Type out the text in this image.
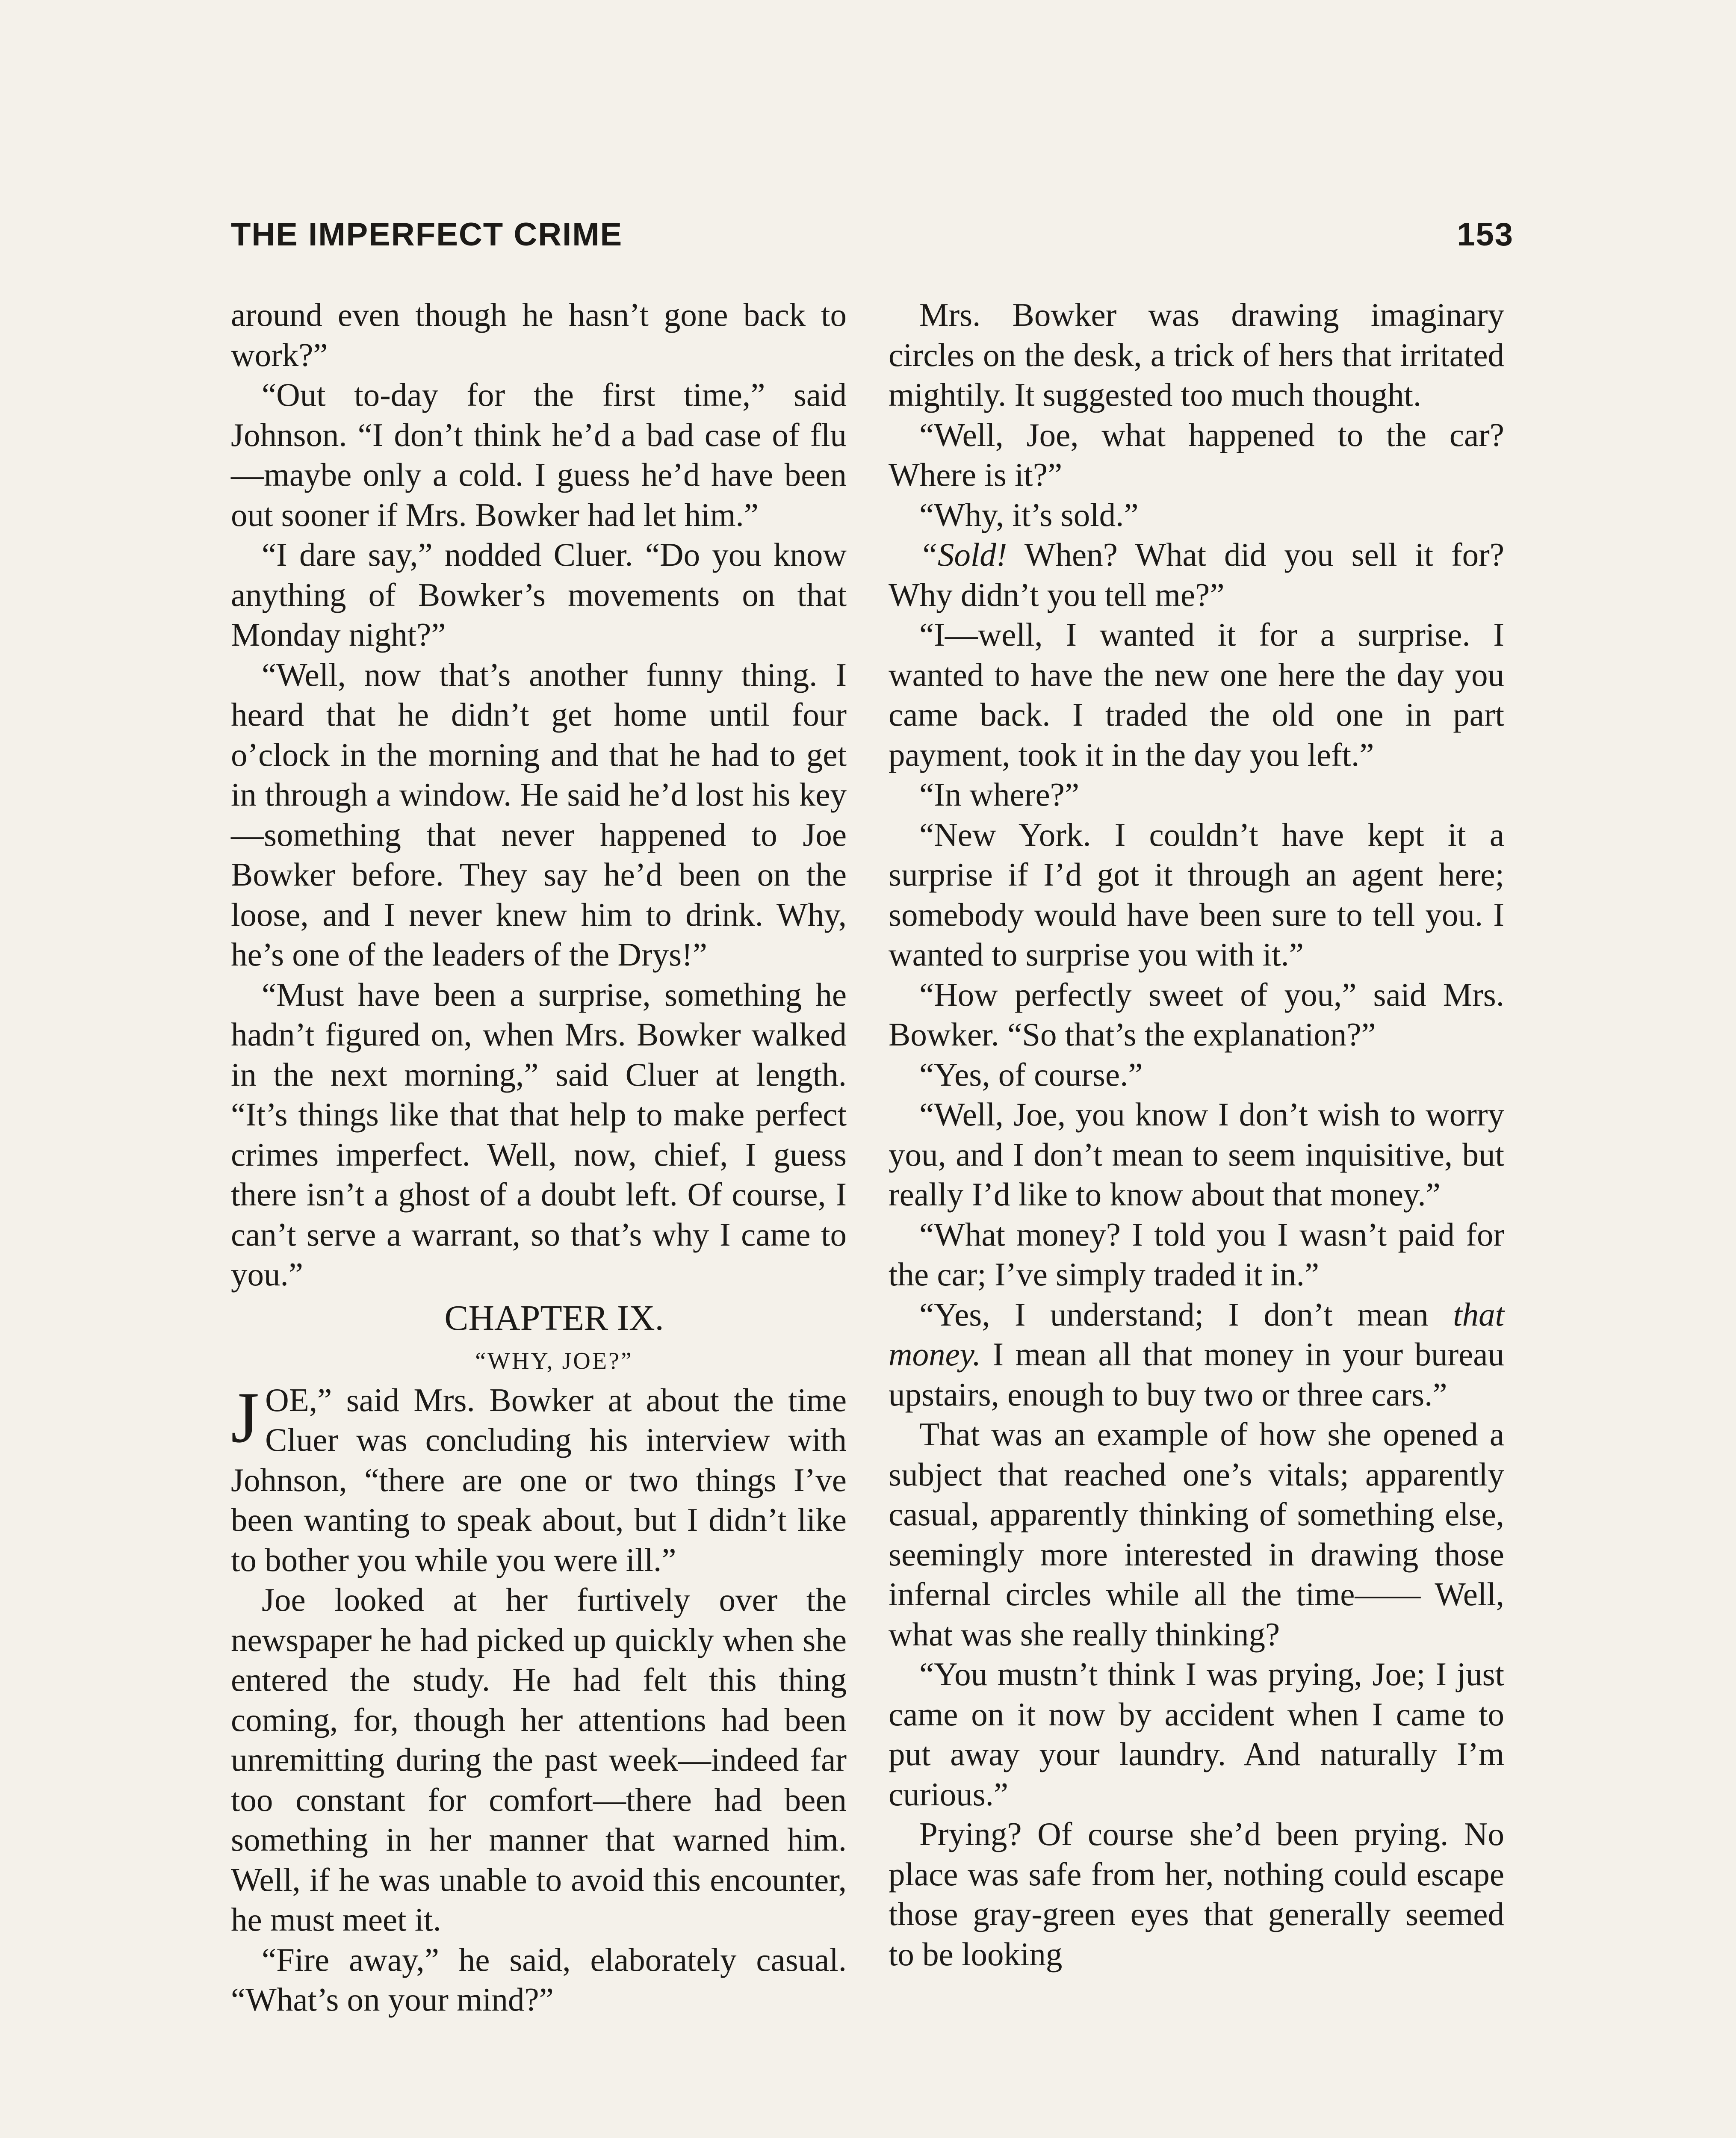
THE IMPERFECT CRIME	153

around even though he hasn’t gone back to work?”

“Out to-day for the first time,” said Johnson. “I don’t think he’d a bad case of flu—maybe only a cold. I guess he’d have been out sooner if Mrs. Bowker had let him.”

“I dare say,” nodded Cluer. “Do you know anything of Bowker’s movements on that Monday night?”

“Well, now that’s another funny thing. I heard that he didn’t get home until four o’clock in the morning and that he had to get in through a window. He said he’d lost his key—something that never happened to Joe Bowker before. They say he’d been on the loose, and I never knew him to drink. Why, he’s one of the leaders of the Drys!”

“Must have been a surprise, something he hadn’t figured on, when Mrs. Bowker walked in the next morning,” said Cluer at length. “It’s things like that that help to make perfect crimes imperfect. Well, now, chief, I guess there isn’t a ghost of a doubt left. Of course, I can’t serve a warrant, so that’s why I came to you.”

CHAPTER IX.

“WHY, JOE?”

JOE,” said Mrs. Bowker at about the time Cluer was concluding his interview with Johnson, “there are one or two things I’ve been wanting to speak about, but I didn’t like to bother you while you were ill.”

Joe looked at her furtively over the newspaper he had picked up quickly when she entered the study. He had felt this thing coming, for, though her attentions had been unremitting during the past week—indeed far too constant for comfort—there had been something in her manner that warned him. Well, if he was unable to avoid this encounter, he must meet it.

“Fire away,” he said, elaborately casual. “What’s on your mind?”

Mrs. Bowker was drawing imaginary circles on the desk, a trick of hers that irritated mightily. It suggested too much thought.

“Well, Joe, what happened to the car? Where is it?”

“Why, it’s sold.”

“Sold! When? What did you sell it for? Why didn’t you tell me?”

“I—well, I wanted it for a surprise. I wanted to have the new one here the day you came back. I traded the old one in part payment, took it in the day you left.”

“In where?”

“New York. I couldn’t have kept it a surprise if I’d got it through an agent here; somebody would have been sure to tell you. I wanted to surprise you with it.”

“How perfectly sweet of you,” said Mrs. Bowker. “So that’s the explanation?”

“Yes, of course.”

“Well, Joe, you know I don’t wish to worry you, and I don’t mean to seem inquisitive, but really I’d like to know about that money.”

“What money? I told you I wasn’t paid for the car; I’ve simply traded it in.”

“Yes, I understand; I don’t mean that money. I mean all that money in your bureau upstairs, enough to buy two or three cars.”

That was an example of how she opened a subject that reached one’s vitals; apparently casual, apparently thinking of something else, seemingly more interested in drawing those infernal circles while all the time—— Well, what was she really thinking?

“You mustn’t think I was prying, Joe; I just came on it now by accident when I came to put away your laundry. And naturally I’m curious.”

Prying? Of course she’d been prying. No place was safe from her, nothing could escape those gray-green eyes that generally seemed to be looking
